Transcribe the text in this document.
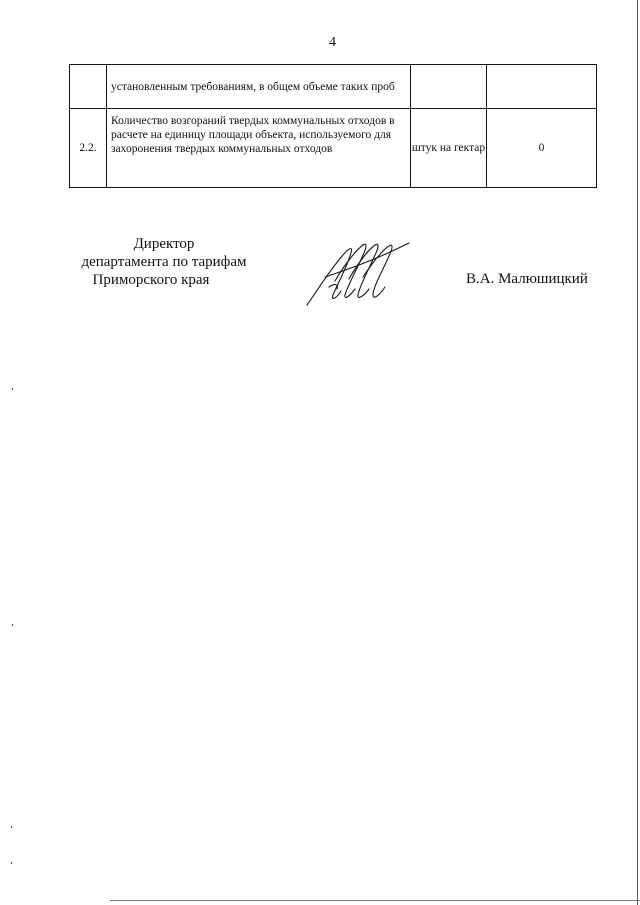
4
	установленным требованиям, в общем объеме таких проб		
2.2.	Количество возгораний твердых коммунальных отходов в расчете на единицу площади объекта, используемого для захоронения твердых коммунальных отходов	штук на гектар	0
Директор
департамента по тарифам
Приморского края	В.А. Малюшицкий
